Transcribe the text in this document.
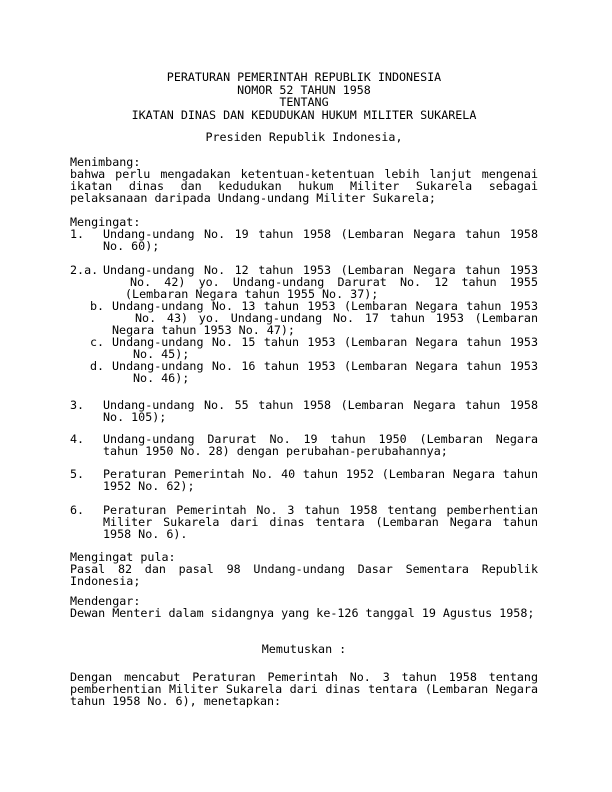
PERATURAN PEMERINTAH REPUBLIK INDONESIA
NOMOR 52 TAHUN 1958
TENTANG
IKATAN DINAS DAN KEDUDUKAN HUKUM MILITER SUKARELA
Presiden Republik Indonesia,
Menimbang:
bahwa perlu mengadakan ketentuan-ketentuan lebih lanjut mengenai
ikatan dinas dan kedudukan hukum Militer Sukarela sebagai
pelaksanaan daripada Undang-undang Militer Sukarela;
Mengingat:
1. Undang-undang No. 19 tahun 1958 (Lembaran Negara tahun 1958
No. 60);
2.a. Undang-undang No. 12 tahun 1953 (Lembaran Negara tahun 1953
No. 42) yo. Undang-undang Darurat No. 12 tahun 1955
(Lembaran Negara tahun 1955 No. 37);
b. Undang-undang No. 13 tahun 1953 (Lembaran Negara tahun 1953
No. 43) yo. Undang-undang No. 17 tahun 1953 (Lembaran
Negara tahun 1953 No. 47);
c. Undang-undang No. 15 tahun 1953 (Lembaran Negara tahun 1953
No. 45);
d. Undang-undang No. 16 tahun 1953 (Lembaran Negara tahun 1953
No. 46);
3. Undang-undang No. 55 tahun 1958 (Lembaran Negara tahun 1958
No. 105);
4. Undang-undang Darurat No. 19 tahun 1950 (Lembaran Negara
tahun 1950 No. 28) dengan perubahan-perubahannya;
5. Peraturan Pemerintah No. 40 tahun 1952 (Lembaran Negara tahun
1952 No. 62);
6. Peraturan Pemerintah No. 3 tahun 1958 tentang pemberhentian
Militer Sukarela dari dinas tentara (Lembaran Negara tahun
1958 No. 6).
Mengingat pula:
Pasal 82 dan pasal 98 Undang-undang Dasar Sementara Republik
Indonesia;
Mendengar:
Dewan Menteri dalam sidangnya yang ke-126 tanggal 19 Agustus 1958;
Memutuskan :
Dengan mencabut Peraturan Pemerintah No. 3 tahun 1958 tentang
pemberhentian Militer Sukarela dari dinas tentara (Lembaran Negara
tahun 1958 No. 6), menetapkan:
